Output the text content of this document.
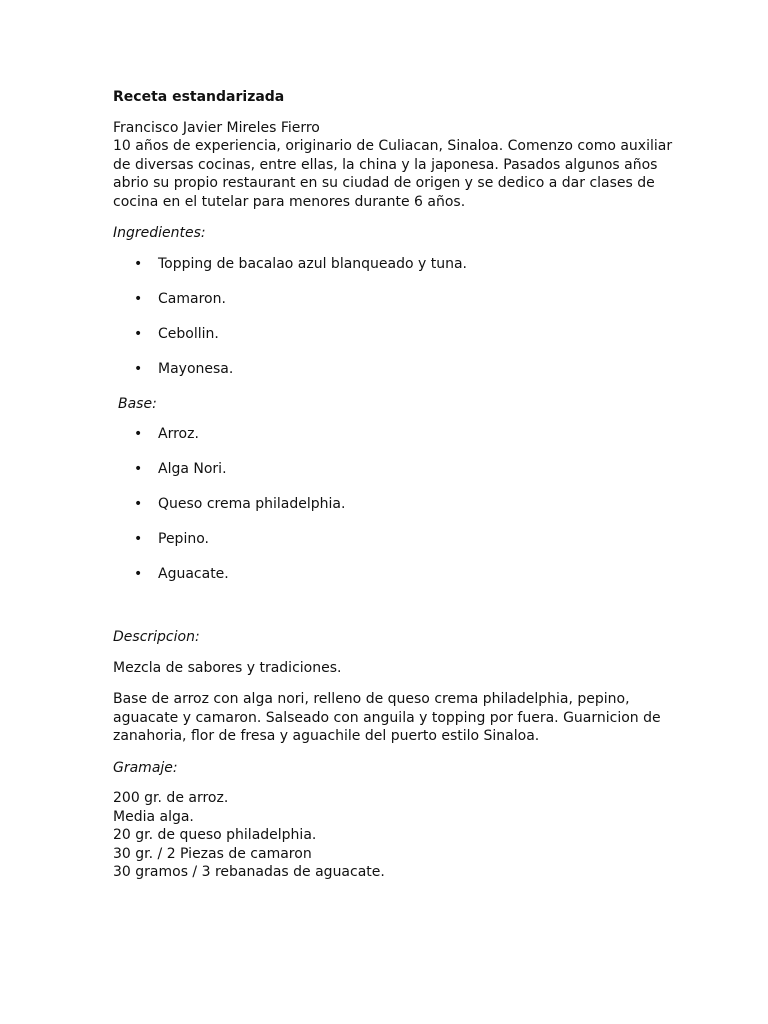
Receta estandarizada

Francisco Javier Mireles Fierro

10 años de experiencia, originario de Culiacan, Sinaloa. Comenzo como auxiliar de diversas cocinas, entre ellas, la china y la japonesa. Pasados algunos años abrio su propio restaurant en su ciudad de origen y se dedico a dar clases de cocina en el tutelar para menores durante 6 años.

Ingredientes:

• Topping de bacalao azul blanqueado y tuna.
• Camaron.
• Cebollin.
• Mayonesa.

Base:

• Arroz.
• Alga Nori.
• Queso crema philadelphia.
• Pepino.
• Aguacate.

Descripcion:

Mezcla de sabores y tradiciones.

Base de arroz con alga nori, relleno de queso crema philadelphia, pepino, aguacate y camaron. Salseado con anguila y topping por fuera. Guarnicion de zanahoria, flor de fresa y aguachile del puerto estilo Sinaloa.

Gramaje:

200 gr. de arroz.

Media alga.

20 gr. de queso philadelphia.

30 gr. / 2 Piezas de camaron

30 gramos / 3 rebanadas de aguacate.
